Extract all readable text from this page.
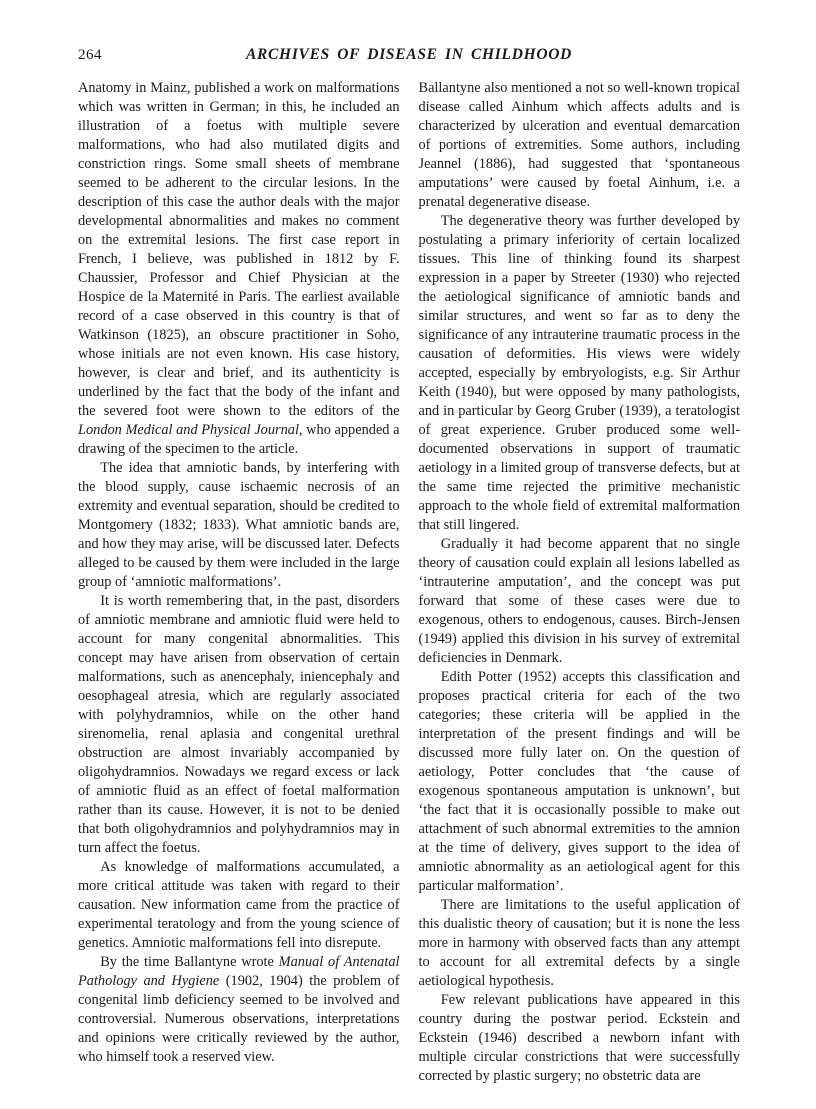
264	ARCHIVES OF DISEASE IN CHILDHOOD

Anatomy in Mainz, published a work on malformations which was written in German; in this, he included an illustration of a foetus with multiple severe malformations, who had also mutilated digits and constriction rings. Some small sheets of membrane seemed to be adherent to the circular lesions. In the description of this case the author deals with the major developmental abnormalities and makes no comment on the extremital lesions. The first case report in French, I believe, was published in 1812 by F. Chaussier, Professor and Chief Physician at the Hospice de la Maternité in Paris. The earliest available record of a case observed in this country is that of Watkinson (1825), an obscure practitioner in Soho, whose initials are not even known. His case history, however, is clear and brief, and its authenticity is underlined by the fact that the body of the infant and the severed foot were shown to the editors of the London Medical and Physical Journal, who appended a drawing of the specimen to the article.

The idea that amniotic bands, by interfering with the blood supply, cause ischaemic necrosis of an extremity and eventual separation, should be credited to Montgomery (1832; 1833). What amniotic bands are, and how they may arise, will be discussed later. Defects alleged to be caused by them were included in the large group of ‘amniotic malformations’.

It is worth remembering that, in the past, disorders of amniotic membrane and amniotic fluid were held to account for many congenital abnormalities. This concept may have arisen from observation of certain malformations, such as anencephaly, iniencephaly and oesophageal atresia, which are regularly associated with polyhydramnios, while on the other hand sirenomelia, renal aplasia and congenital urethral obstruction are almost invariably accompanied by oligohydramnios. Nowadays we regard excess or lack of amniotic fluid as an effect of foetal malformation rather than its cause. However, it is not to be denied that both oligohydramnios and polyhydramnios may in turn affect the foetus.

As knowledge of malformations accumulated, a more critical attitude was taken with regard to their causation. New information came from the practice of experimental teratology and from the young science of genetics. Amniotic malformations fell into disrepute.

By the time Ballantyne wrote Manual of Antenatal Pathology and Hygiene (1902, 1904) the problem of congenital limb deficiency seemed to be involved and controversial. Numerous observations, interpretations and opinions were critically reviewed by the author, who himself took a reserved view.

Ballantyne also mentioned a not so well-known tropical disease called Ainhum which affects adults and is characterized by ulceration and eventual demarcation of portions of extremities. Some authors, including Jeannel (1886), had suggested that ‘spontaneous amputations’ were caused by foetal Ainhum, i.e. a prenatal degenerative disease.

The degenerative theory was further developed by postulating a primary inferiority of certain localized tissues. This line of thinking found its sharpest expression in a paper by Streeter (1930) who rejected the aetiological significance of amniotic bands and similar structures, and went so far as to deny the significance of any intrauterine traumatic process in the causation of deformities. His views were widely accepted, especially by embryologists, e.g. Sir Arthur Keith (1940), but were opposed by many pathologists, and in particular by Georg Gruber (1939), a teratologist of great experience. Gruber produced some well-documented observations in support of traumatic aetiology in a limited group of transverse defects, but at the same time rejected the primitive mechanistic approach to the whole field of extremital malformation that still lingered.

Gradually it had become apparent that no single theory of causation could explain all lesions labelled as ‘intrauterine amputation’, and the concept was put forward that some of these cases were due to exogenous, others to endogenous, causes. Birch-Jensen (1949) applied this division in his survey of extremital deficiencies in Denmark.

Edith Potter (1952) accepts this classification and proposes practical criteria for each of the two categories; these criteria will be applied in the interpretation of the present findings and will be discussed more fully later on. On the question of aetiology, Potter concludes that ‘the cause of exogenous spontaneous amputation is unknown’, but ‘the fact that it is occasionally possible to make out attachment of such abnormal extremities to the amnion at the time of delivery, gives support to the idea of amniotic abnormality as an aetiological agent for this particular malformation’.

There are limitations to the useful application of this dualistic theory of causation; but it is none the less more in harmony with observed facts than any attempt to account for all extremital defects by a single aetiological hypothesis.

Few relevant publications have appeared in this country during the postwar period. Eckstein and Eckstein (1946) described a newborn infant with multiple circular constrictions that were successfully corrected by plastic surgery; no obstetric data are
